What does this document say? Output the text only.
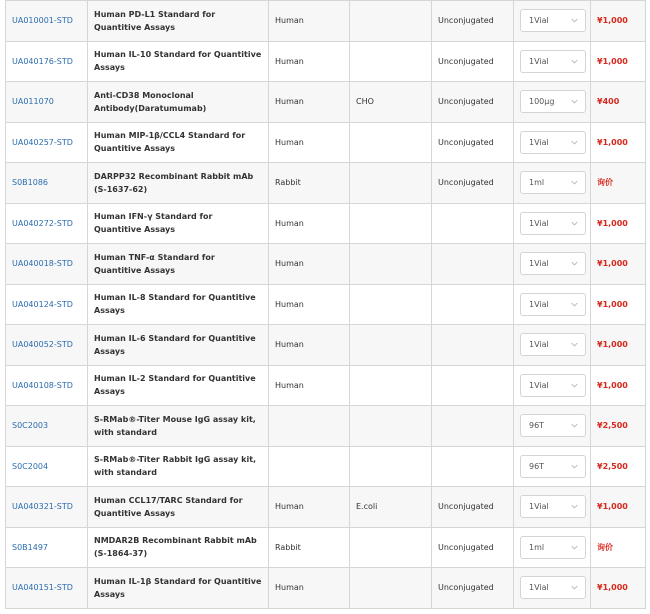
UA010001-STD	Human PD-L1 Standard for Quantitive Assays	Human		Unconjugated	1Vial	¥1,000
UA040176-STD	Human IL-10 Standard for Quantitive Assays	Human		Unconjugated	1Vial	¥1,000
UA011070	Anti-CD38 Monoclonal Antibody(Daratumumab)	Human	CHO	Unconjugated	100μg	¥400
UA040257-STD	Human MIP-1β/CCL4 Standard for Quantitive Assays	Human		Unconjugated	1Vial	¥1,000
S0B1086	DARPP32 Recombinant Rabbit mAb (S-1637-62)	Rabbit		Unconjugated	1ml	询价
UA040272-STD	Human IFN-γ Standard for Quantitive Assays	Human			1Vial	¥1,000
UA040018-STD	Human TNF-α Standard for Quantitive Assays	Human			1Vial	¥1,000
UA040124-STD	Human IL-8 Standard for Quantitive Assays	Human			1Vial	¥1,000
UA040052-STD	Human IL-6 Standard for Quantitive Assays	Human			1Vial	¥1,000
UA040108-STD	Human IL-2 Standard for Quantitive Assays	Human			1Vial	¥1,000
S0C2003	S-RMab®-Titer Mouse IgG assay kit, with standard				96T	¥2,500
S0C2004	S-RMab®-Titer Rabbit IgG assay kit, with standard				96T	¥2,500
UA040321-STD	Human CCL17/TARC Standard for Quantitive Assays	Human	E.coli	Unconjugated	1Vial	¥1,000
S0B1497	NMDAR2B Recombinant Rabbit mAb (S-1864-37)	Rabbit		Unconjugated	1ml	询价
UA040151-STD	Human IL-1β Standard for Quantitive Assays	Human		Unconjugated	1Vial	¥1,000
